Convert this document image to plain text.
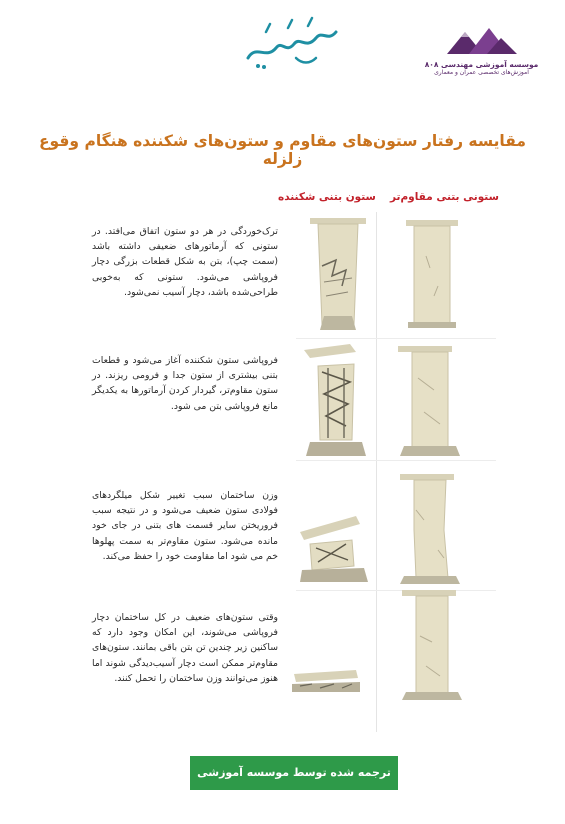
موسسه آموزشی مهندسی ۸۰۸
آموزش‌های تخصصی عمران و معماری
مقایسه رفتار ستون‌های مقاوم و ستون‌های شکننده هنگام وقوع زلزله
ستونی بتنی مقاوم‌تر
ستون بتنی شکننده
ترک‌خوردگی در هر دو ستون اتفاق می‌افتد. در ستونی که آرماتورهای ضعیفی داشته باشد (سمت چپ)، بتن به شکل قطعات بزرگی دچار فروپاشی می‌شود. ستونی که به‌خوبی طراحی‌شده باشد، دچار آسیب نمی‌شود.
فروپاشی ستون شکننده آغاز می‌شود و قطعات بتنی بیشتری از ستون جدا و فرومی ریزند. در ستون مقاوم‌تر، گیردار کردن آرماتورها به یکدیگر مانع فروپاشی بتن می شود.
وزن ساختمان سبب تغییر شکل میلگردهای فولادی ستون ضعیف می‌شود و در نتیجه سبب فروریختن سایر قسمت های بتنی در جای خود مانده می‌شود. ستون مقاوم‌تر به سمت پهلوها خم می شود اما مقاومت خود را حفظ می‌کند.
وقتی ستون‌های ضعیف در کل ساختمان دچار فروپاشی می‌شوند، این امکان وجود دارد که ساکنین زیر چندین تن بتن باقی بمانند. ستون‌های مقاوم‌تر ممکن است دچار آسیب‌دیدگی شوند اما هنوز می‌توانند وزن ساختمان را تحمل کنند.
ترجمه شده توسط موسسه آموزشی ۸۰۸
